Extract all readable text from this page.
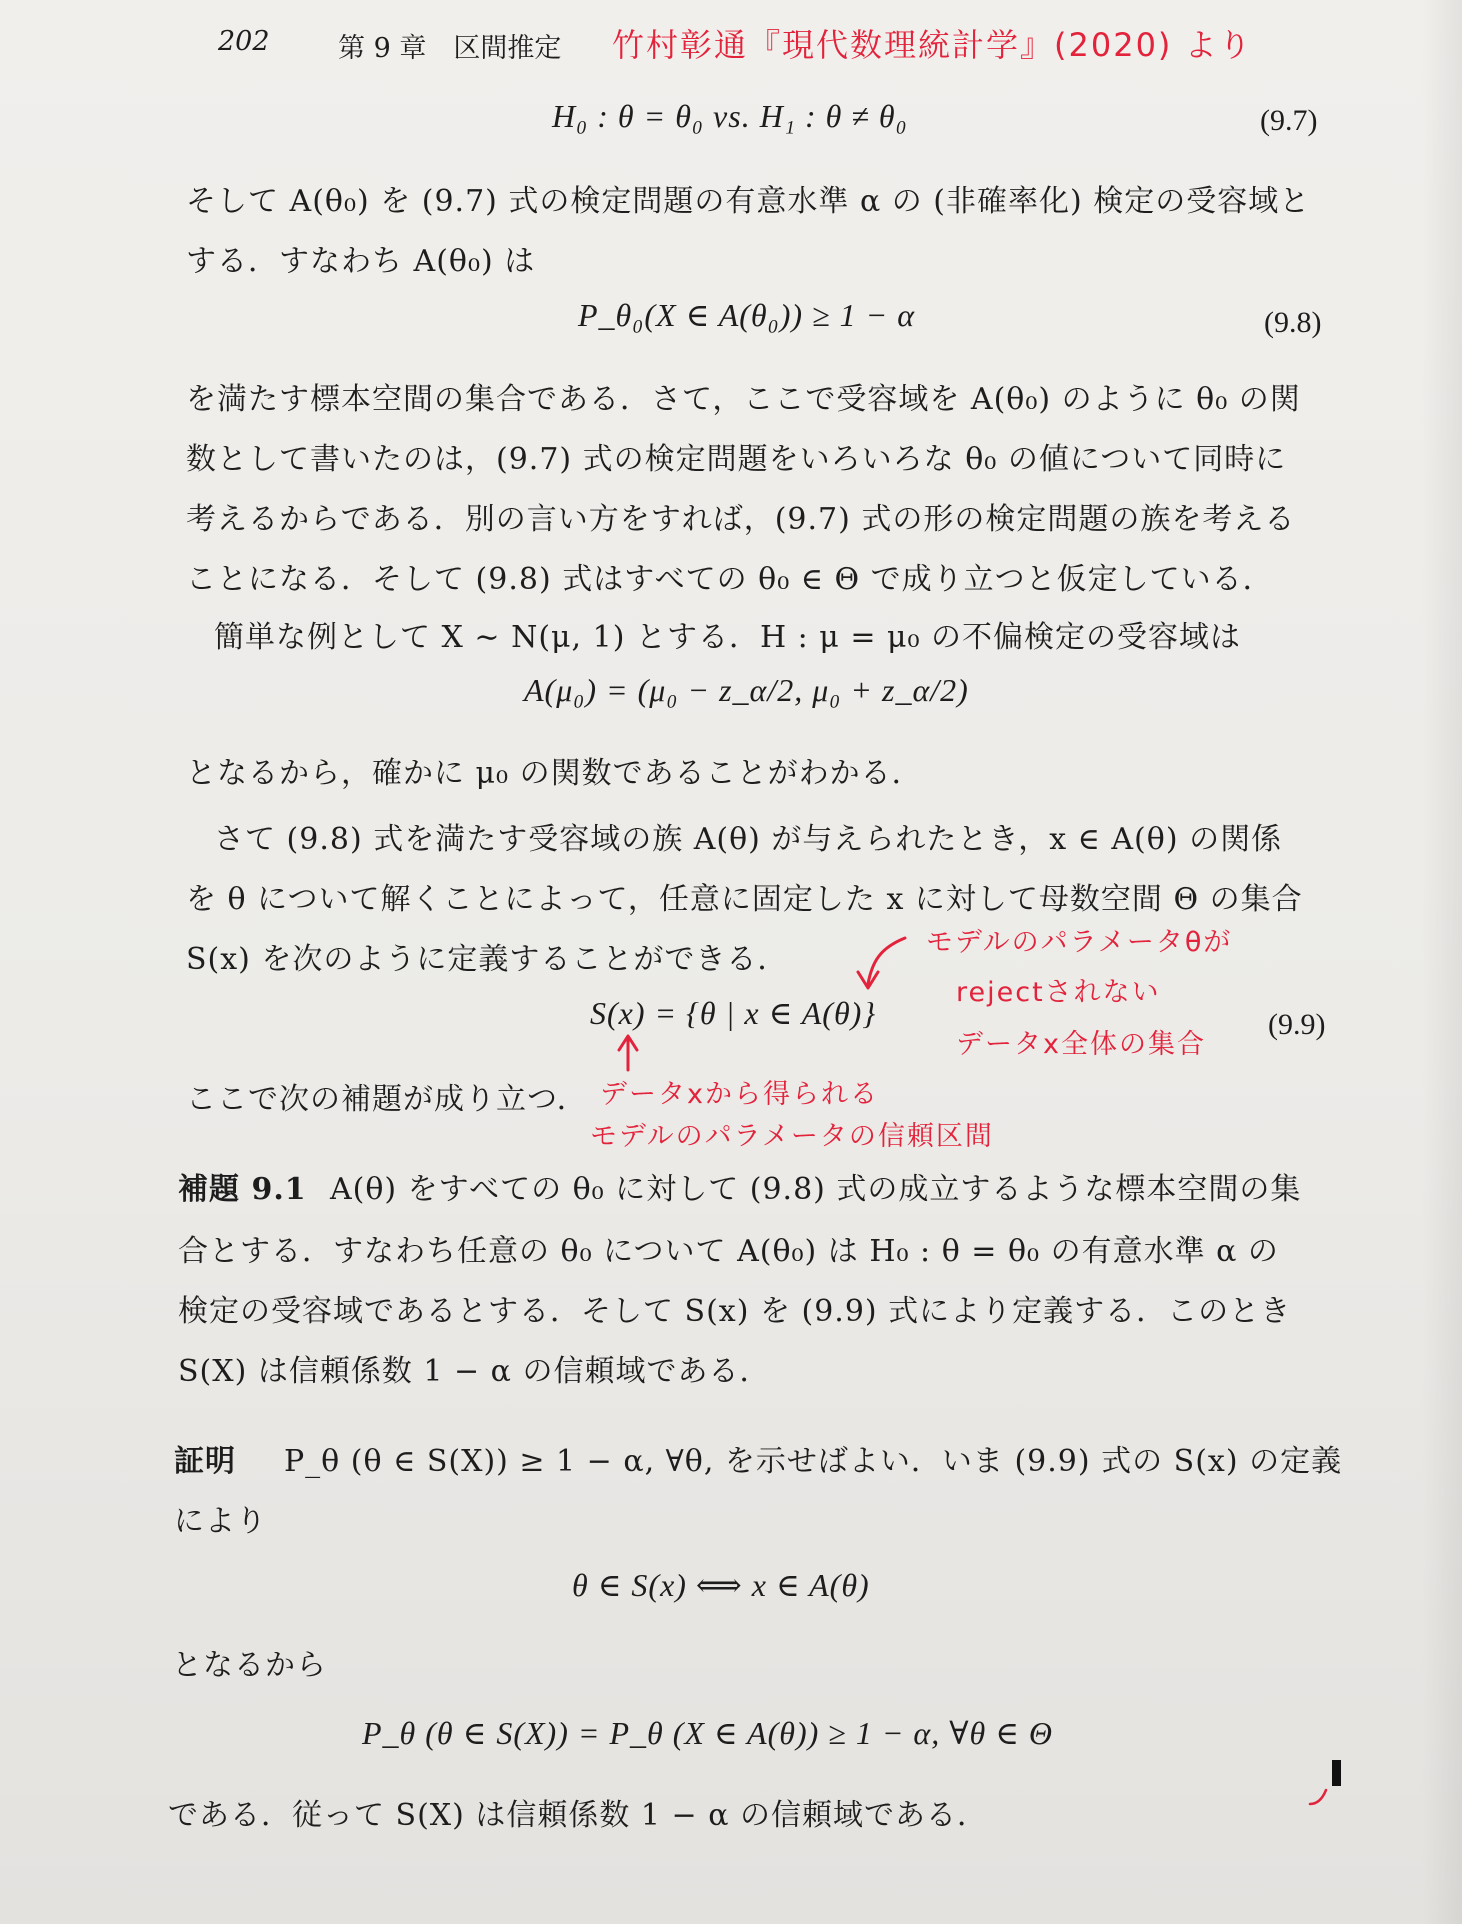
202	第 9 章　区間推定 竹村彰通『現代数理統計学』(2020) より
H₀ : θ = θ₀ vs. H₁ : θ ≠ θ₀	(9.7)
そして A(θ₀) を (9.7) 式の検定問題の有意水準 α の (非確率化) 検定の受容域と
する．すなわち A(θ₀) は
P_θ₀(X ∈ A(θ₀)) ≥ 1 − α	(9.8)
を満たす標本空間の集合である．さて，ここで受容域を A(θ₀) のように θ₀ の関
数として書いたのは，(9.7) 式の検定問題をいろいろな θ₀ の値について同時に
考えるからである．別の言い方をすれば，(9.7) 式の形の検定問題の族を考える
ことになる．そして (9.8) 式はすべての θ₀ ∈ Θ で成り立つと仮定している．
簡単な例として X ∼ N(μ, 1) とする．H : μ = μ₀ の不偏検定の受容域は
A(μ₀) = (μ₀ − z_α/2, μ₀ + z_α/2)
となるから，確かに μ₀ の関数であることがわかる．
さて (9.8) 式を満たす受容域の族 A(θ) が与えられたとき，x ∈ A(θ) の関係
を θ について解くことによって，任意に固定した x に対して母数空間 Θ の集合
S(x) を次のように定義することができる．
S(x) = {θ | x ∈ A(θ)}	(9.9)
ここで次の補題が成り立つ．
補題 9.1 A(θ) をすべての θ₀ に対して (9.8) 式の成立するような標本空間の集
合とする．すなわち任意の θ₀ について A(θ₀) は H₀ : θ = θ₀ の有意水準 α の
検定の受容域であるとする．そして S(x) を (9.9) 式により定義する．このとき
S(X) は信頼係数 1 − α の信頼域である．
証明 P_θ (θ ∈ S(X)) ≥ 1 − α, ∀θ, を示せばよい．いま (9.9) 式の S(x) の定義
により
θ ∈ S(x) ⟺ x ∈ A(θ)
となるから
P_θ (θ ∈ S(X)) = P_θ (X ∈ A(θ)) ≥ 1 − α, ∀θ ∈ Θ
である．従って S(X) は信頼係数 1 − α の信頼域である．
モデルのパラメータθが
rejectされない
データx全体の集合
データxから得られる
モデルのパラメータの信頼区間
